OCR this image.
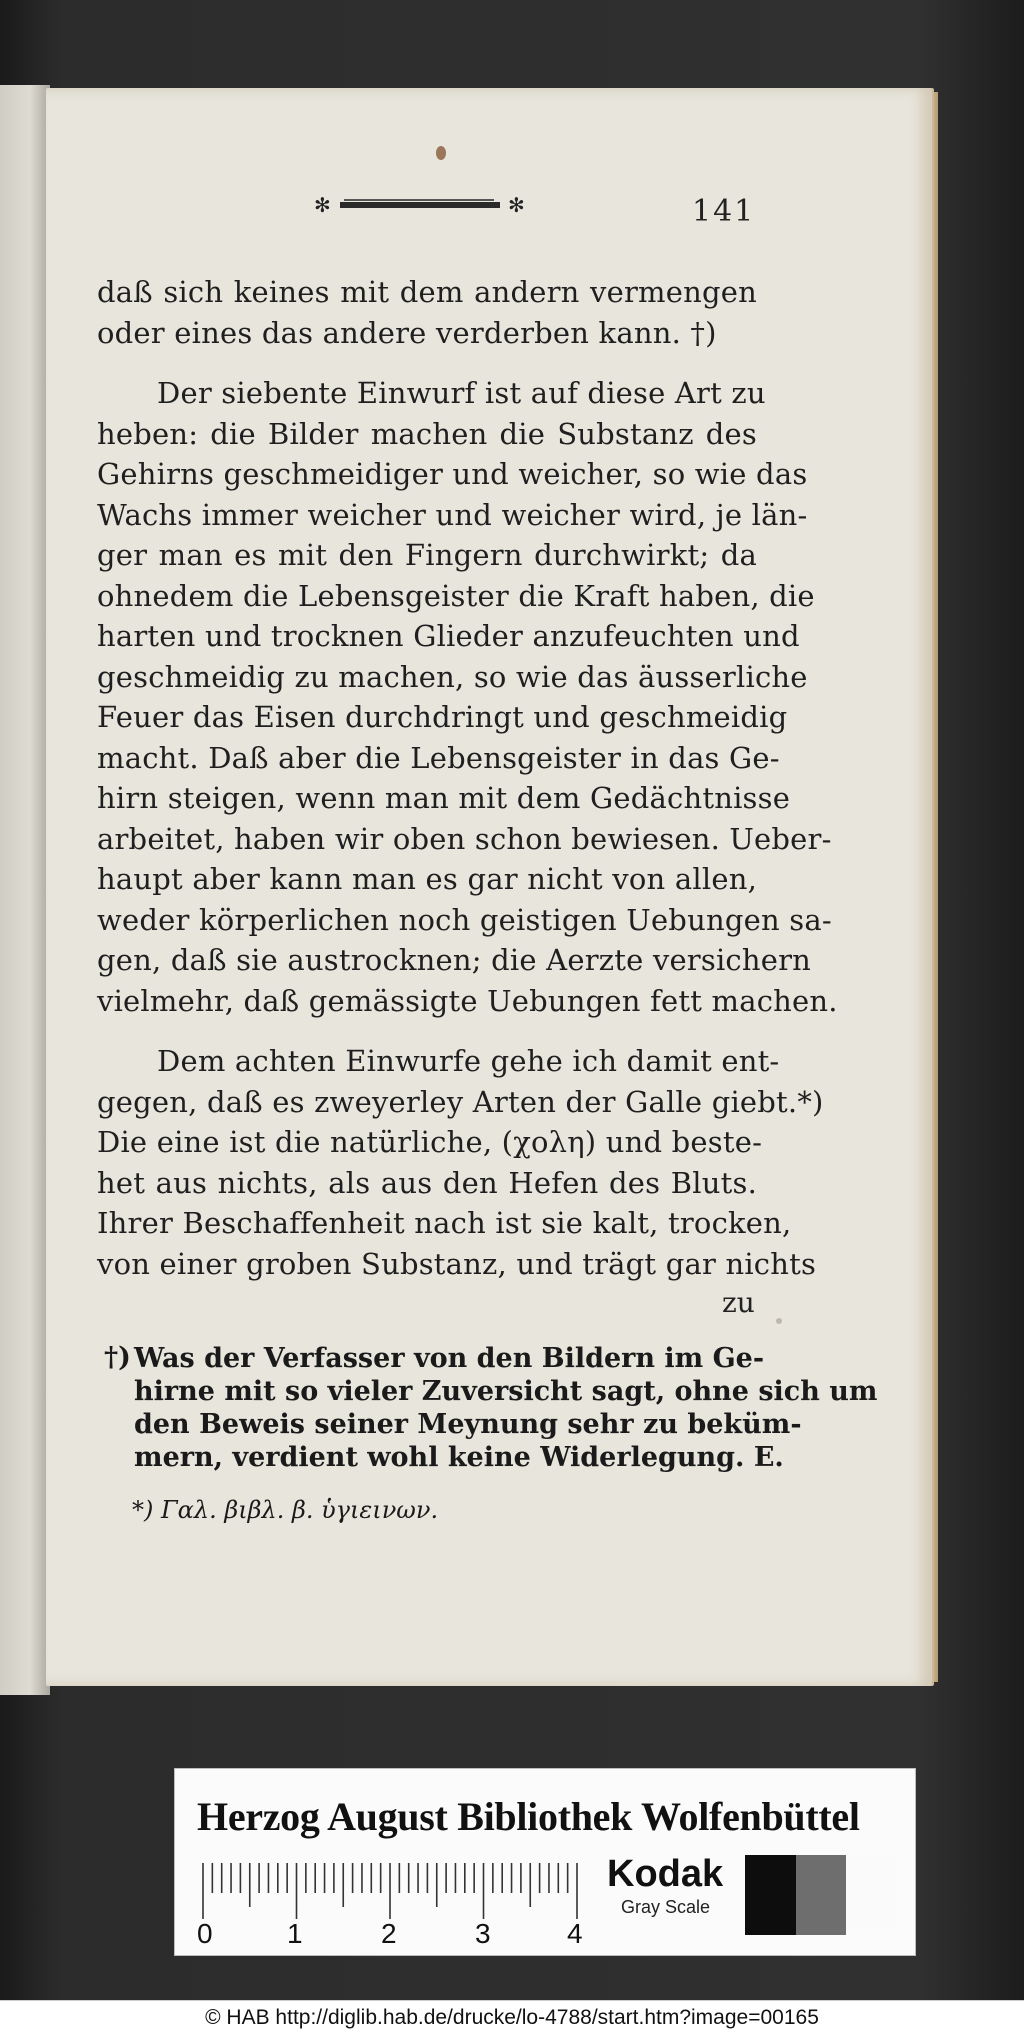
✻	✻	141
daß sich keines mit dem andern vermengen
oder eines das andere verderben kann. †)
Der siebente Einwurf ist auf diese Art zu
heben: die Bilder machen die Substanz des
Gehirns geschmeidiger und weicher, so wie das
Wachs immer weicher und weicher wird, je län-
ger man es mit den Fingern durchwirkt; da
ohnedem die Lebensgeister die Kraft haben, die
harten und trocknen Glieder anzufeuchten und
geschmeidig zu machen, so wie das äusserliche
Feuer das Eisen durchdringt und geschmeidig
macht. Daß aber die Lebensgeister in das Ge-
hirn steigen, wenn man mit dem Gedächtnisse
arbeitet, haben wir oben schon bewiesen. Ueber-
haupt aber kann man es gar nicht von allen,
weder körperlichen noch geistigen Uebungen sa-
gen, daß sie austrocknen; die Aerzte versichern
vielmehr, daß gemässigte Uebungen fett machen.
Dem achten Einwurfe gehe ich damit ent-
gegen, daß es zweyerley Arten der Galle giebt.*)
Die eine ist die natürliche, (χολη) und beste-
het aus nichts, als aus den Hefen des Bluts.
Ihrer Beschaffenheit nach ist sie kalt, trocken,
von einer groben Substanz, und trägt gar nichts
zu
†) Was der Verfasser von den Bildern im Ge-
hirne mit so vieler Zuversicht sagt, ohne sich um
den Beweis seiner Meynung sehr zu beküm-
mern, verdient wohl keine Widerlegung. E.
*) Γαλ. βιβλ. β. ὑγιεινων.
Herzog August Bibliothek Wolfenbüttel
0	1	2	3	4
Kodak
Gray Scale
© HAB http://diglib.hab.de/drucke/lo-4788/start.htm?image=00165
